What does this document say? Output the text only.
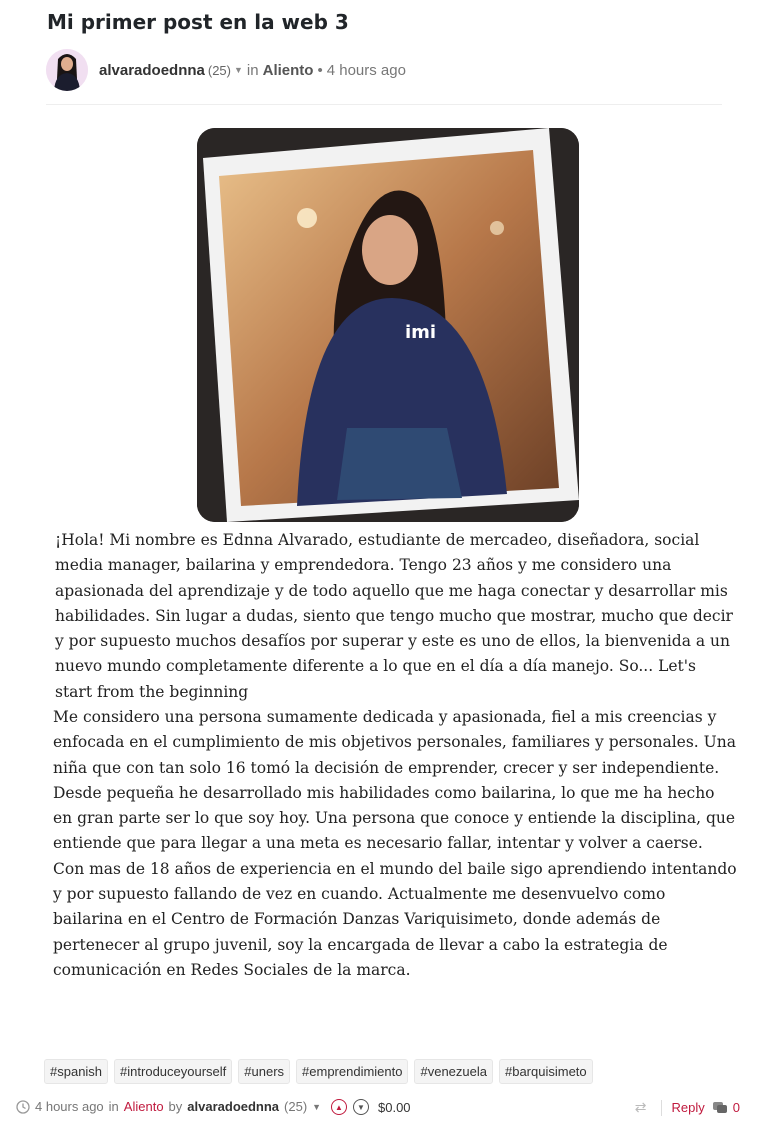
Mi primer post en la web 3
alvaradoednna (25) ▼ in Aliento • 4 hours ago
imi

¡Hola! Mi nombre es Ednna Alvarado, estudiante de mercadeo, diseñadora, social media manager, bailarina y emprendedora. Tengo 23 años y me considero una apasionada del aprendizaje y de todo aquello que me haga conectar y desarrollar mis habilidades. Sin lugar a dudas, siento que tengo mucho que mostrar, mucho que decir y por supuesto muchos desafíos por superar y este es uno de ellos, la bienvenida a un nuevo mundo completamente diferente a lo que en el día a día manejo. So... Let's start from the beginning

Me considero una persona sumamente dedicada y apasionada, fiel a mis creencias y enfocada en el cumplimiento de mis objetivos personales, familiares y personales. Una niña que con tan solo 16 tomó la decisión de emprender, crecer y ser independiente. Desde pequeña he desarrollado mis habilidades como bailarina, lo que me ha hecho en gran parte ser lo que soy hoy. Una persona que conoce y entiende la disciplina, que entiende que para llegar a una meta es necesario fallar, intentar y volver a caerse. Con mas de 18 años de experiencia en el mundo del baile sigo aprendiendo intentando y por supuesto fallando de vez en cuando. Actualmente me desenvuelvo como bailarina en el Centro de Formación Danzas Variquisimeto, donde además de pertenecer al grupo juvenil, soy la encargada de llevar a cabo la estrategia de comunicación en Redes Sociales de la marca.

#spanish	#introduceyourself	#uners	#emprendimiento	#venezuela	#barquisimeto
4 hours ago in Aliento by alvaradoednna (25) ▼	▲	▼	$0.00	⇄ Reply 0
